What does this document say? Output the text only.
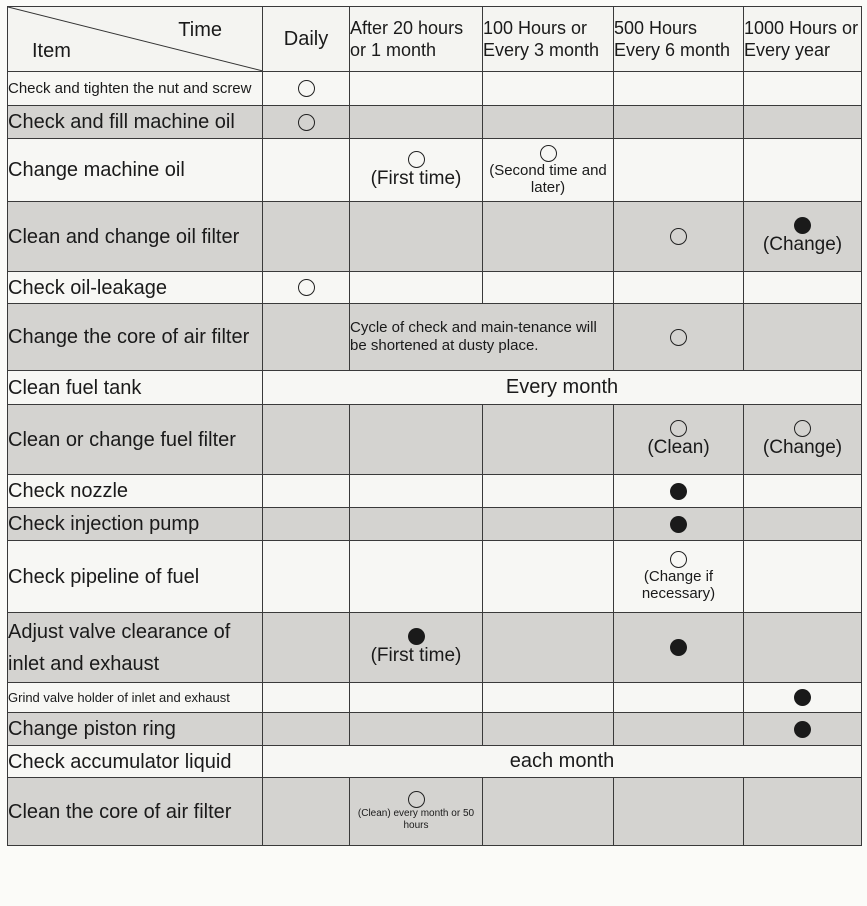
Time
Item	Daily	After 20 hours or 1 month	100 Hours or Every 3 month	500 Hours Every 6 month	1000 Hours or Every year
Check and tighten the nut and screw					
Check and fill machine oil					
Change machine oil		(First time)	(Second time and later)		

Clean and change oil filter					(Change)

Check oil-leakage					
Change the core of air filter		Cycle of check and main-tenance will be shortened at dusty place.			
Clean fuel tank	Every month				
Clean or change fuel filter				(Clean)	(Change)

Check nozzle					
Check injection pump					
Check pipeline of fuel				(Change if necessary)	

Adjust valve clearance of inlet and exhaust		(First time)			

Grind valve holder of inlet and exhaust					
Change piston ring					
Check accumulator liquid	each month				
Clean the core of air filter		(Clean) every month or 50 hours			
